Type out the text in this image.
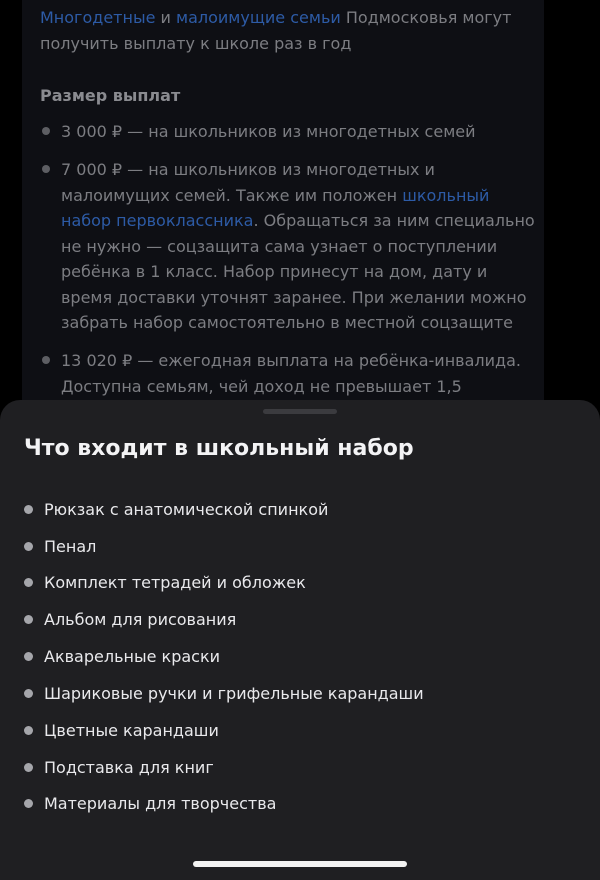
Многодетные и малоимущие семьи Подмосковья могут получить выплату к школе раз в год

Размер выплат
3 000 ₽ — на школьников из многодетных семей
7 000 ₽ — на школьников из многодетных и малоимущих семей. Также им положен школьный набор первоклассника. Обращаться за ним специально не нужно — соцзащита сама узнает о поступлении ребёнка в 1 класс. Набор принесут на дом, дату и время доставки уточнят заранее. При желании можно забрать набор самостоятельно в местной соцзащите
13 020 ₽ — ежегодная выплата на ребёнка-инвалида. Доступна семьям, чей доход не превышает 1,5
Что входит в школьный набор
Рюкзак с анатомической спинкой
Пенал
Комплект тетрадей и обложек
Альбом для рисования
Акварельные краски
Шариковые ручки и грифельные карандаши
Цветные карандаши
Подставка для книг
Материалы для творчества
